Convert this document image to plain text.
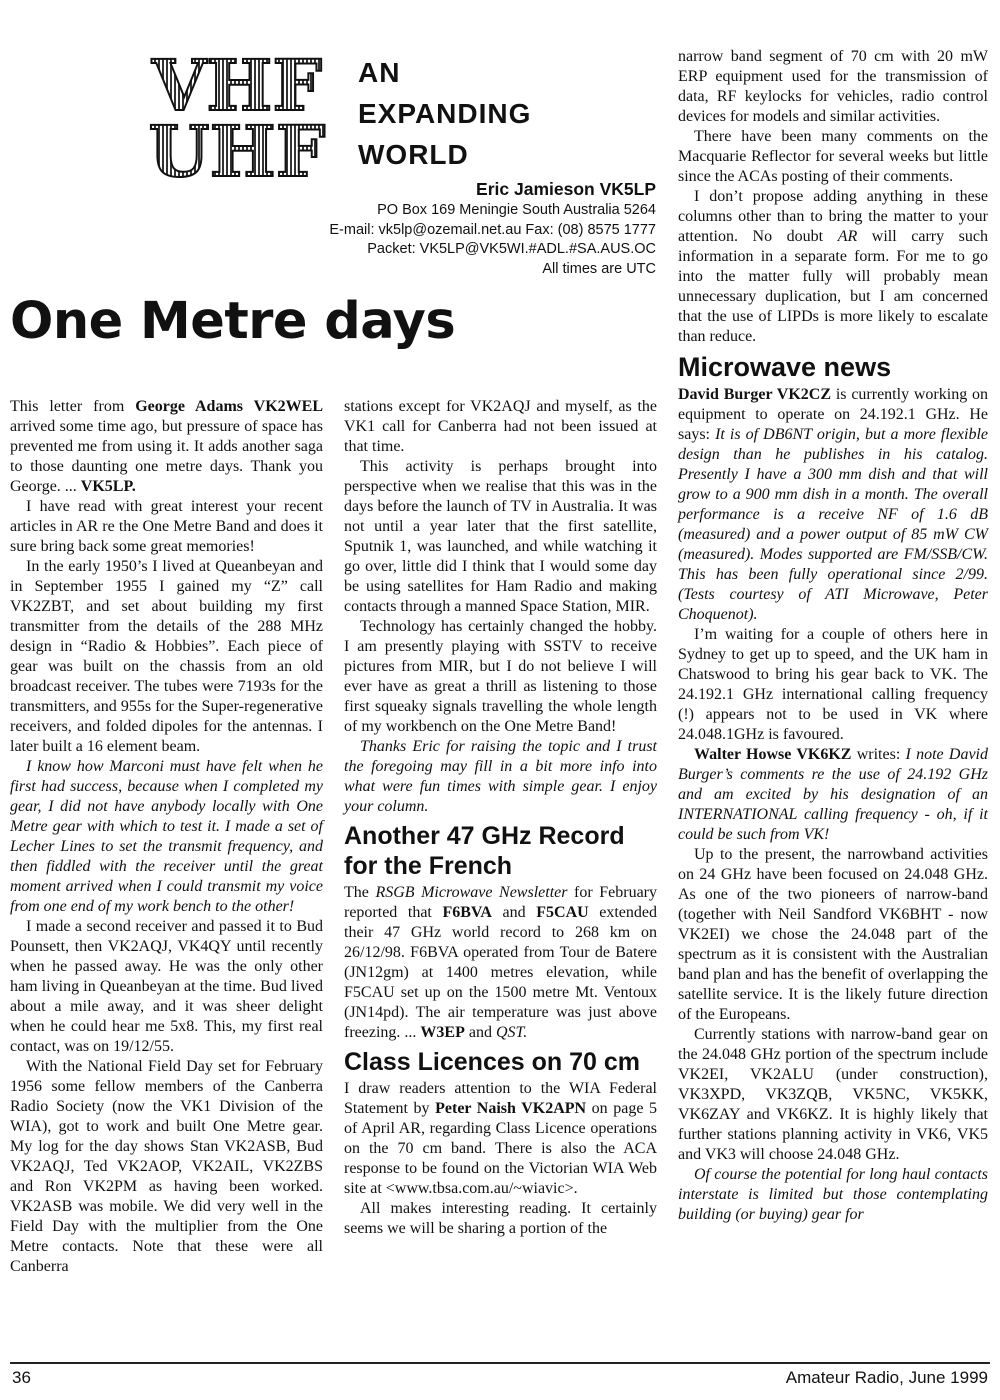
VHF
UHF
AN
EXPANDING
WORLD
Eric Jamieson VK5LP
PO Box 169 Meningie South Australia 5264
E-mail: vk5lp@ozemail.net.au Fax: (08) 8575 1777
Packet: VK5LP@VK5WI.#ADL.#SA.AUS.OC
All times are UTC
One Metre days

This letter from George Adams VK2WEL arrived some time ago, but pressure of space has prevented me from using it. It adds another saga to those daunting one metre days. Thank you George. ... VK5LP.

I have read with great interest your recent articles in AR re the One Metre Band and does it sure bring back some great memories!

In the early 1950’s I lived at Queanbeyan and in September 1955 I gained my “Z” call VK2ZBT, and set about building my first transmitter from the details of the 288 MHz design in “Radio & Hobbies”. Each piece of gear was built on the chassis from an old broadcast receiver. The tubes were 7193s for the transmitters, and 955s for the Super-regenerative receivers, and folded dipoles for the antennas. I later built a 16 element beam.

I know how Marconi must have felt when he first had success, because when I completed my gear, I did not have anybody locally with One Metre gear with which to test it. I made a set of Lecher Lines to set the transmit frequency, and then fiddled with the receiver until the great moment arrived when I could transmit my voice from one end of my work bench to the other!

I made a second receiver and passed it to Bud Pounsett, then VK2AQJ, VK4QY until recently when he passed away. He was the only other ham living in Queanbeyan at the time. Bud lived about a mile away, and it was sheer delight when he could hear me 5x8. This, my first real contact, was on 19/12/55.

With the National Field Day set for February 1956 some fellow members of the Canberra Radio Society (now the VK1 Division of the WIA), got to work and built One Metre gear. My log for the day shows Stan VK2ASB, Bud VK2AQJ, Ted VK2AOP, VK2AIL, VK2ZBS and Ron VK2PM as having been worked. VK2ASB was mobile. We did very well in the Field Day with the multiplier from the One Metre contacts. Note that these were all Canberra

stations except for VK2AQJ and myself, as the VK1 call for Canberra had not been issued at that time.

This activity is perhaps brought into perspective when we realise that this was in the days before the launch of TV in Australia. It was not until a year later that the first satellite, Sputnik 1, was launched, and while watching it go over, little did I think that I would some day be using satellites for Ham Radio and making contacts through a manned Space Station, MIR.

Technology has certainly changed the hobby. I am presently playing with SSTV to receive pictures from MIR, but I do not believe I will ever have as great a thrill as listening to those first squeaky signals travelling the whole length of my workbench on the One Metre Band!

Thanks Eric for raising the topic and I trust the foregoing may fill in a bit more info into what were fun times with simple gear. I enjoy your column.

Another 47 GHz Record for the French

The RSGB Microwave Newsletter for February reported that F6BVA and F5CAU extended their 47 GHz world record to 268 km on 26/12/98. F6BVA operated from Tour de Batere (JN12gm) at 1400 metres elevation, while F5CAU set up on the 1500 metre Mt. Ventoux (JN14pd). The air temperature was just above freezing. ... W3EP and QST.

Class Licences on 70 cm

I draw readers attention to the WIA Federal Statement by Peter Naish VK2APN on page 5 of April AR, regarding Class Licence operations on the 70 cm band. There is also the ACA response to be found on the Victorian WIA Web site at <www.tbsa.com.au/~wiavic>.

All makes interesting reading. It certainly seems we will be sharing a portion of the

narrow band segment of 70 cm with 20 mW ERP equipment used for the transmission of data, RF keylocks for vehicles, radio control devices for models and similar activities.

There have been many comments on the Macquarie Reflector for several weeks but little since the ACAs posting of their comments.

I don’t propose adding anything in these columns other than to bring the matter to your attention. No doubt AR will carry such information in a separate form. For me to go into the matter fully will probably mean unnecessary duplication, but I am concerned that the use of LIPDs is more likely to escalate than reduce.

Microwave news

David Burger VK2CZ is currently working on equipment to operate on 24.192.1 GHz. He says: It is of DB6NT origin, but a more flexible design than he publishes in his catalog. Presently I have a 300 mm dish and that will grow to a 900 mm dish in a month. The overall performance is a receive NF of 1.6 dB (measured) and a power output of 85 mW CW (measured). Modes supported are FM/SSB/CW. This has been fully operational since 2/99. (Tests courtesy of ATI Microwave, Peter Choquenot).

I’m waiting for a couple of others here in Sydney to get up to speed, and the UK ham in Chatswood to bring his gear back to VK. The 24.192.1 GHz international calling frequency (!) appears not to be used in VK where 24.048.1GHz is favoured.

Walter Howse VK6KZ writes: I note David Burger’s comments re the use of 24.192 GHz and am excited by his designation of an INTERNATIONAL calling frequency - oh, if it could be such from VK!

Up to the present, the narrowband activities on 24 GHz have been focused on 24.048 GHz. As one of the two pioneers of narrow-band (together with Neil Sandford VK6BHT - now VK2EI) we chose the 24.048 part of the spectrum as it is consistent with the Australian band plan and has the benefit of overlapping the satellite service. It is the likely future direction of the Europeans.

Currently stations with narrow-band gear on the 24.048 GHz portion of the spectrum include VK2EI, VK2ALU (under construction), VK3XPD, VK3ZQB, VK5NC, VK5KK, VK6ZAY and VK6KZ. It is highly likely that further stations planning activity in VK6, VK5 and VK3 will choose 24.048 GHz.

Of course the potential for long haul contacts interstate is limited but those contemplating building (or buying) gear for

36	Amateur Radio, June 1999
